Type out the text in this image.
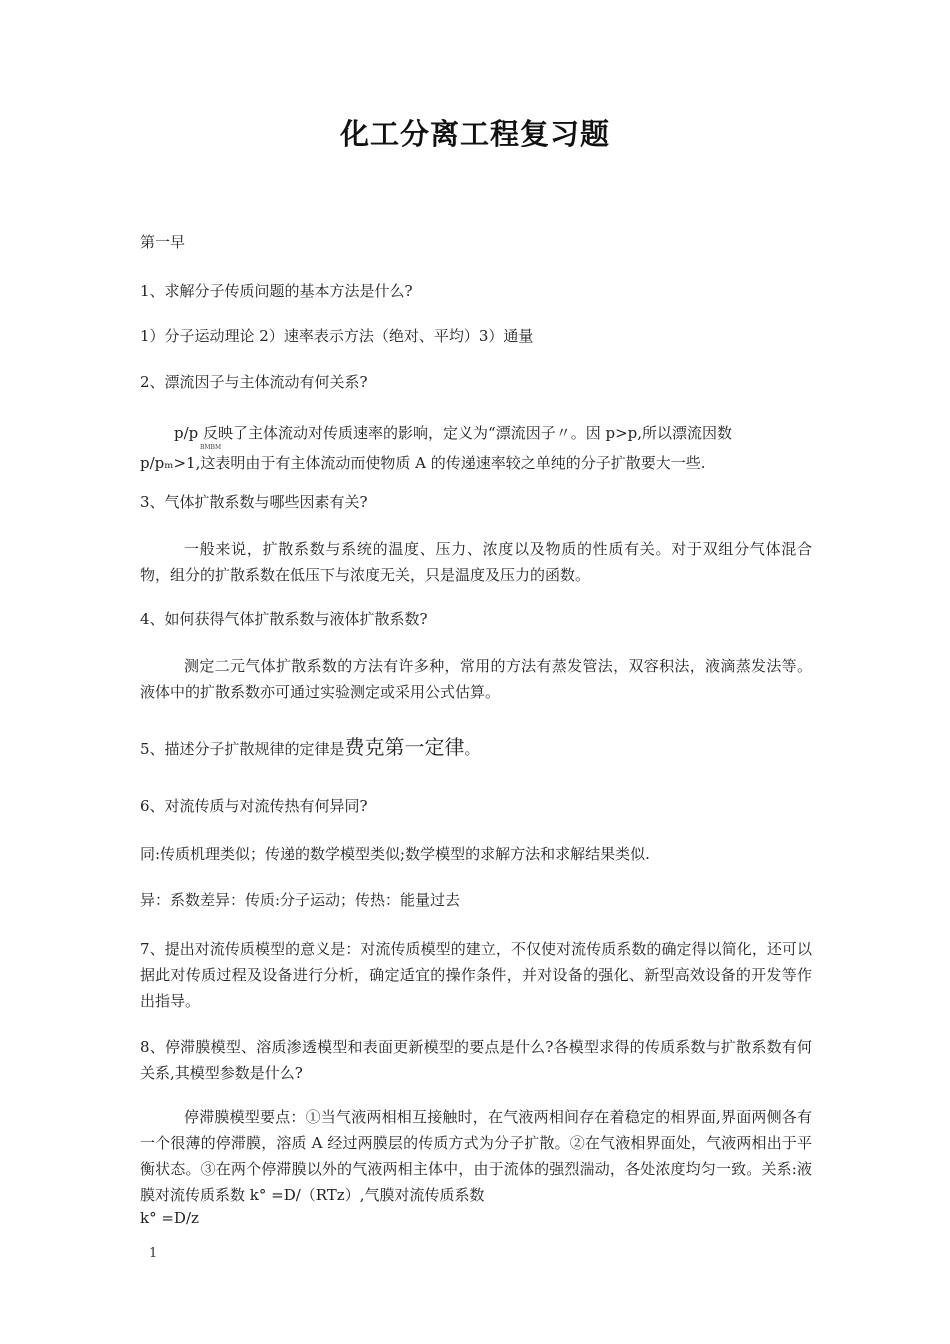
化工分离工程复习题
第一早
1、求解分子传质问题的基本方法是什么?
1）分子运动理论 2）速率表示方法（绝对、平均）3）通量
2、漂流因子与主体流动有何关系?
p/p 反映了主体流动对传质速率的影响，定义为“漂流因子〃。因 p>p,所以漂流因数
BMBM
p/pₘ>1,这表明由于有主体流动而使物质 A 的传递速率较之单纯的分子扩散要大一些.
3、气体扩散系数与哪些因素有关?
一般来说，扩散系数与系统的温度、压力、浓度以及物质的性质有关。对于双组分气体混合物，组分的扩散系数在低压下与浓度无关，只是温度及压力的函数。
4、如何获得气体扩散系数与液体扩散系数?
测定二元气体扩散系数的方法有许多种，常用的方法有蒸发管法，双容积法，液滴蒸发法等。液体中的扩散系数亦可通过实验测定或采用公式估算。
5、描述分子扩散规律的定律是费克第一定律。
6、对流传质与对流传热有何异同?
同:传质机理类似；传递的数学模型类似;数学模型的求解方法和求解结果类似.
异：系数差异：传质:分子运动；传热：能量过去
7、提出对流传质模型的意义是：对流传质模型的建立，不仅使对流传质系数的确定得以简化，还可以据此对传质过程及设备进行分析，确定适宜的操作条件，并对设备的强化、新型高效设备的开发等作出指导。
8、停滞膜模型、溶质渗透模型和表面更新模型的要点是什么?各模型求得的传质系数与扩散系数有何关系,其模型参数是什么?
停滞膜模型要点：①当气液两相相互接触时，在气液两相间存在着稳定的相界面,界面两侧各有一个很薄的停滞膜，溶质 A 经过两膜层的传质方式为分子扩散。②在气液相界面处，气液两相出于平衡状态。③在两个停滞膜以外的气液两相主体中，由于流体的强烈湍动，各处浓度均匀一致。关系:液膜对流传质系数 k° =D/（RTz）,气膜对流传质系数
k° =D/z
1
